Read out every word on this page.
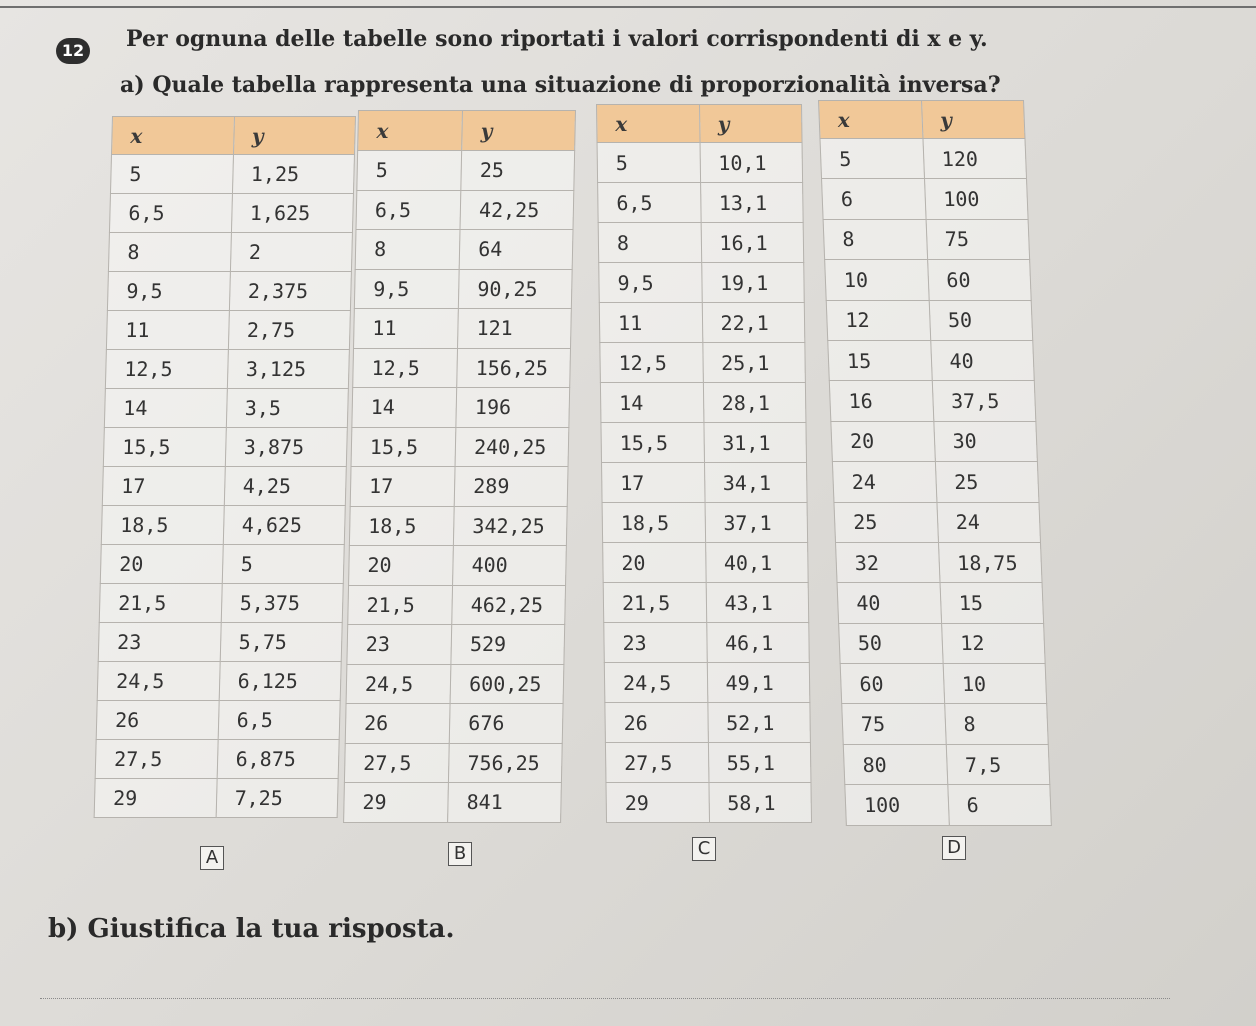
12 Per ognuna delle tabelle sono riportati i valori corrispondenti di x e y.
a) Quale tabella rappresenta una situazione di proporzionalità inversa?
x	y
5	1,25
6,5	1,625
8	2
9,5	2,375
11	2,75
12,5	3,125
14	3,5
15,5	3,875
17	4,25
18,5	4,625
20	5
21,5	5,375
23	5,75
24,5	6,125
26	6,5
27,5	6,875
29	7,25
A
x	y
5	25
6,5	42,25
8	64
9,5	90,25
11	121
12,5	156,25
14	196
15,5	240,25
17	289
18,5	342,25
20	400
21,5	462,25
23	529
24,5	600,25
26	676
27,5	756,25
29	841
B
x	y
5	10,1
6,5	13,1
8	16,1
9,5	19,1
11	22,1
12,5	25,1
14	28,1
15,5	31,1
17	34,1
18,5	37,1
20	40,1
21,5	43,1
23	46,1
24,5	49,1
26	52,1
27,5	55,1
29	58,1
C
x	y
5	120
6	100
8	75
10	60
12	50
15	40
16	37,5
20	30
24	25
25	24
32	18,75
40	15
50	12
60	10
75	8
80	7,5
100	6
D
b) Giustifica la tua risposta.
